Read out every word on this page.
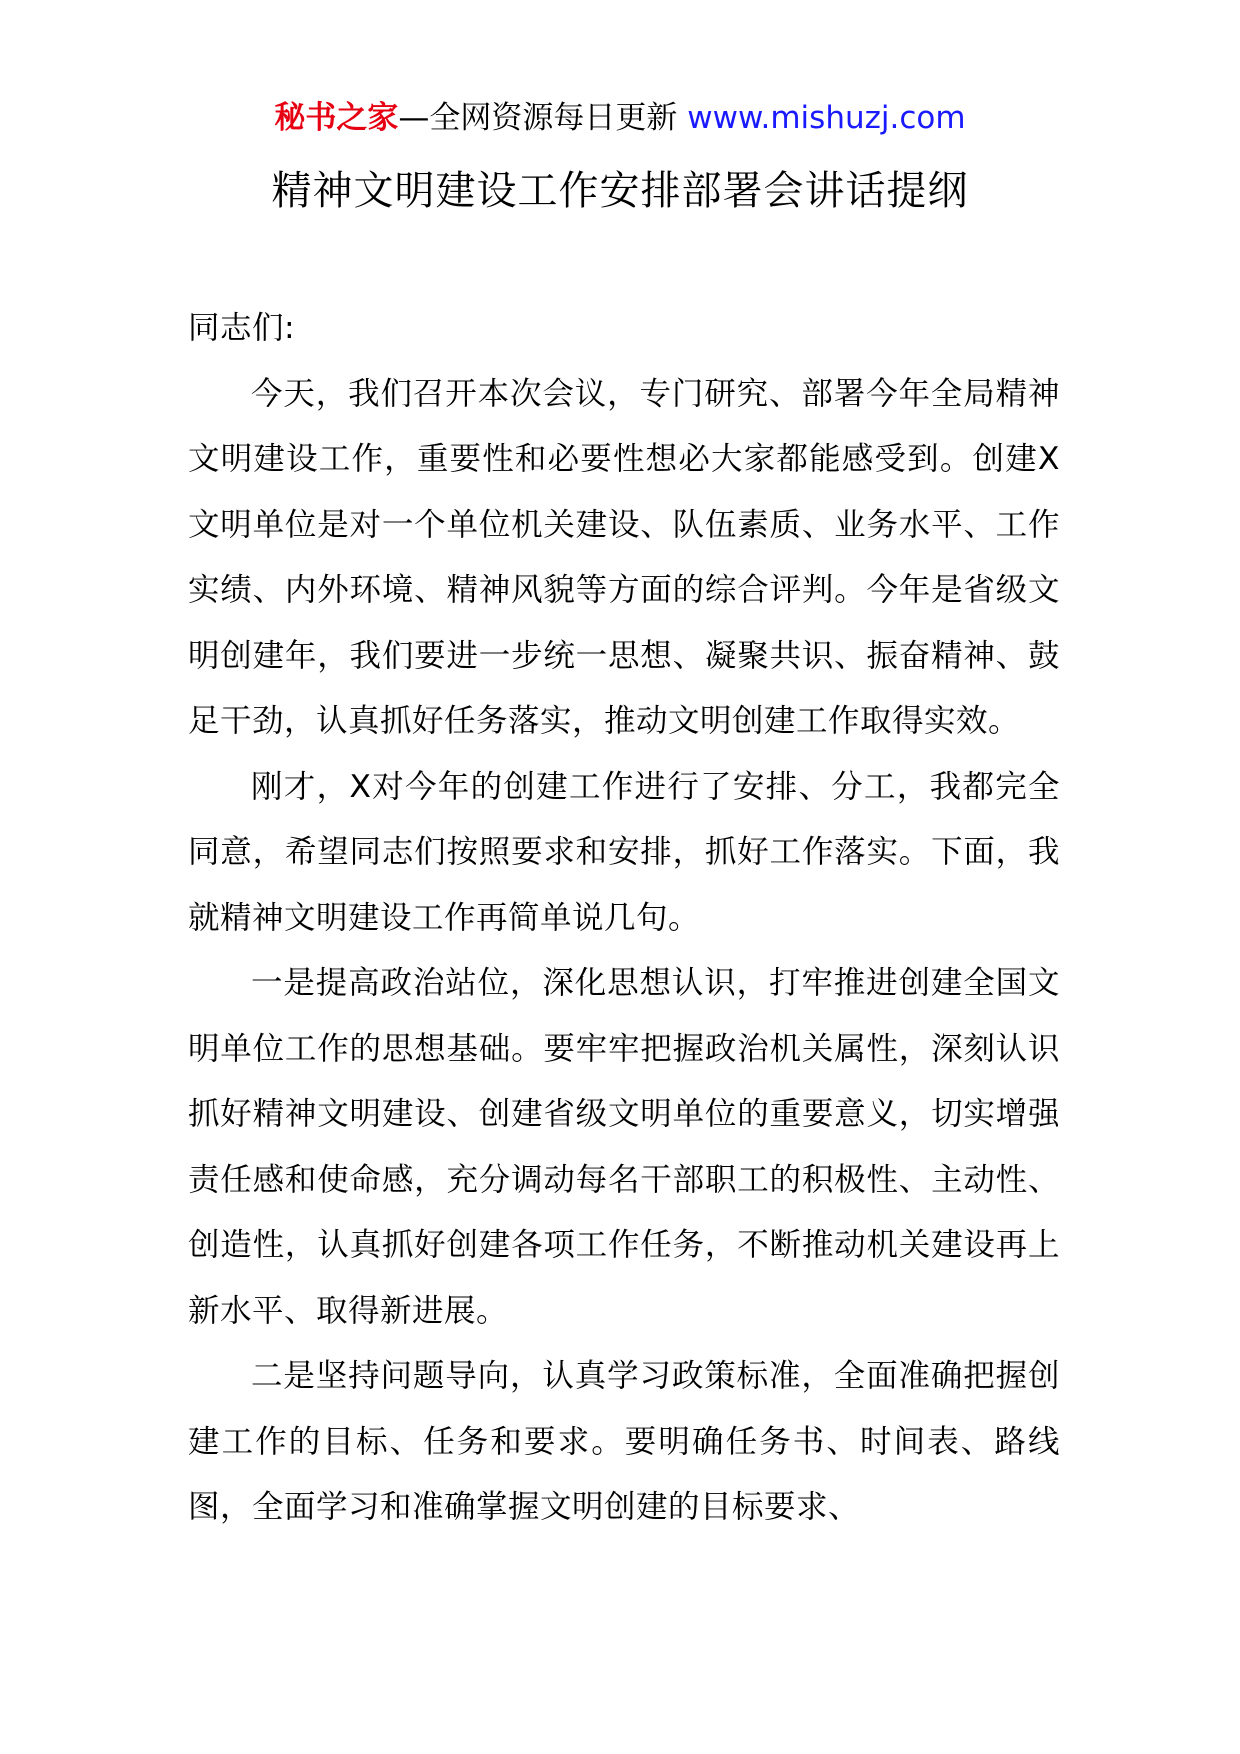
秘书之家—全网资源每日更新 www.mishuzj.com
精神文明建设工作安排部署会讲话提纲

同志们:

今天，我们召开本次会议，专门研究、部署今年全局精神文明建设工作，重要性和必要性想必大家都能感受到。创建X文明单位是对一个单位机关建设、队伍素质、业务水平、工作实绩、内外环境、精神风貌等方面的综合评判。今年是省级文明创建年，我们要进一步统一思想、凝聚共识、振奋精神、鼓足干劲，认真抓好任务落实，推动文明创建工作取得实效。

刚才，X对今年的创建工作进行了安排、分工，我都完全同意，希望同志们按照要求和安排，抓好工作落实。下面，我就精神文明建设工作再简单说几句。

一是提高政治站位，深化思想认识，打牢推进创建全国文明单位工作的思想基础。要牢牢把握政治机关属性，深刻认识抓好精神文明建设、创建省级文明单位的重要意义，切实增强责任感和使命感，充分调动每名干部职工的积极性、主动性、创造性，认真抓好创建各项工作任务，不断推动机关建设再上新水平、取得新进展。

二是坚持问题导向，认真学习政策标准，全面准确把握创建工作的目标、任务和要求。要明确任务书、时间表、路线图，全面学习和准确掌握文明创建的目标要求、
